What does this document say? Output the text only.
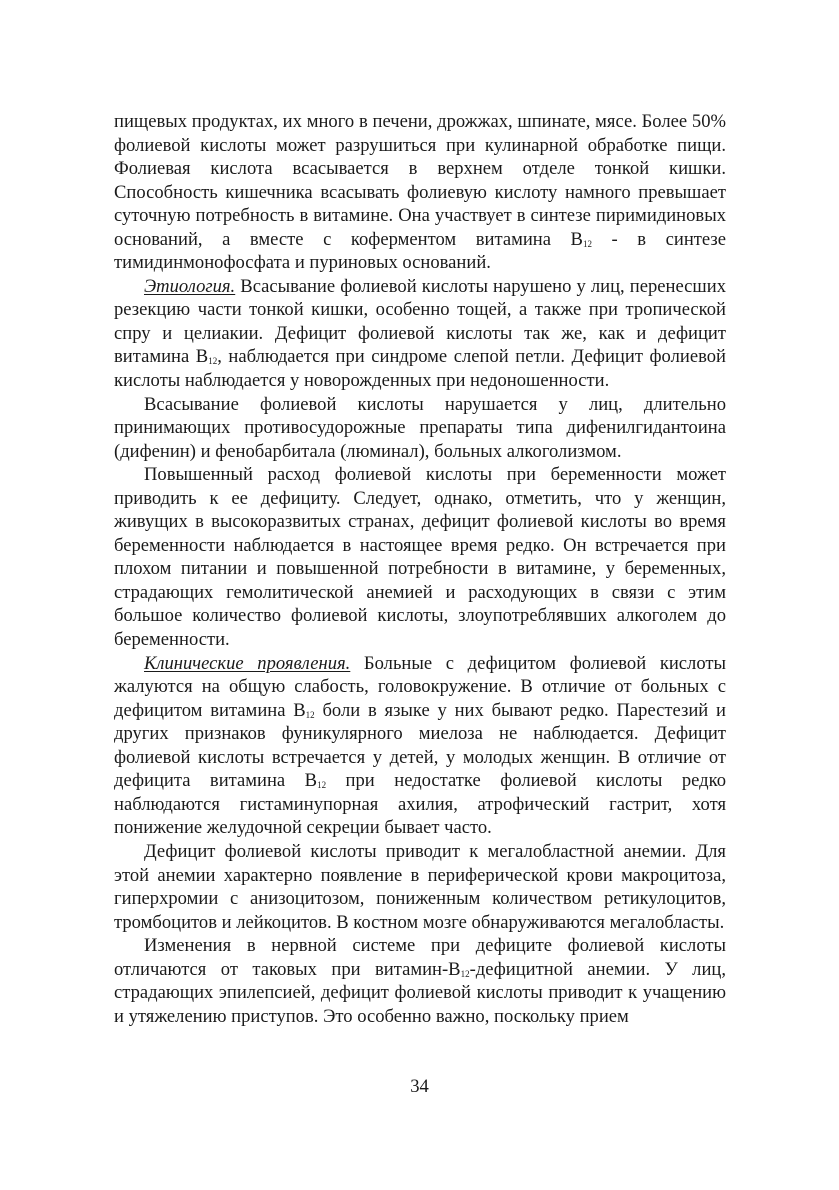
пищевых продуктах, их много в печени, дрожжах, шпинате, мясе. Более 50% фолиевой кислоты может разрушиться при кулинарной обработке пищи. Фолиевая кислота всасывается в верхнем отделе тонкой кишки. Способность кишечника всасывать фолиевую кислоту намного превышает суточную потребность в витамине. Она участвует в синтезе пиримидиновых оснований, а вместе с коферментом витамина $B_{12}$ - в синтезе тимидинмонофосфата и пуриновых оснований.

Этиология. Всасывание фолиевой кислоты нарушено у лиц, перенесших резекцию части тонкой кишки, особенно тощей, а также при тропической спру и целиакии. Дефицит фолиевой кислоты так же, как и дефицит витамина $B_{12}$, наблюдается при синдроме слепой петли. Дефицит фолиевой кислоты наблюдается у новорожденных при недоношенности.

Всасывание фолиевой кислоты нарушается у лиц, длительно принимающих противосудорожные препараты типа дифенилгидантоина (дифенин) и фенобарбитала (люминал), больных алкоголизмом.

Повышенный расход фолиевой кислоты при беременности может приводить к ее дефициту. Следует, однако, отметить, что у женщин, живущих в высокоразвитых странах, дефицит фолиевой кислоты во время беременности наблюдается в настоящее время редко. Он встречается при плохом питании и повышенной потребности в витамине, у беременных, страдающих гемолитической анемией и расходующих в связи с этим большое количество фолиевой кислоты, злоупотреблявших алкоголем до беременности.

Клинические проявления. Больные с дефицитом фолиевой кислоты жалуются на общую слабость, головокружение. В отличие от больных с дефицитом витамина $B_{12}$ боли в языке у них бывают редко. Парестезий и других признаков фуникулярного миелоза не наблюдается. Дефицит фолиевой кислоты встречается у детей, у молодых женщин. В отличие от дефицита витамина $B_{12}$ при недостатке фолиевой кислоты редко наблюдаются гистаминупорная ахилия, атрофический гастрит, хотя понижение желудочной секреции бывает часто.

Дефицит фолиевой кислоты приводит к мегалобластной анемии. Для этой анемии характерно появление в периферической крови макроцитоза, гиперхромии с анизоцитозом, пониженным количеством ретикулоцитов, тромбоцитов и лейкоцитов. В костном мозге обнаруживаются мегалобласты.

Изменения в нервной системе при дефиците фолиевой кислоты отличаются от таковых при витамин-$B_{12}$-дефицитной анемии. У лиц, страдающих эпилепсией, дефицит фолиевой кислоты приводит к учащению и утяжелению приступов. Это особенно важно, поскольку прием

34
